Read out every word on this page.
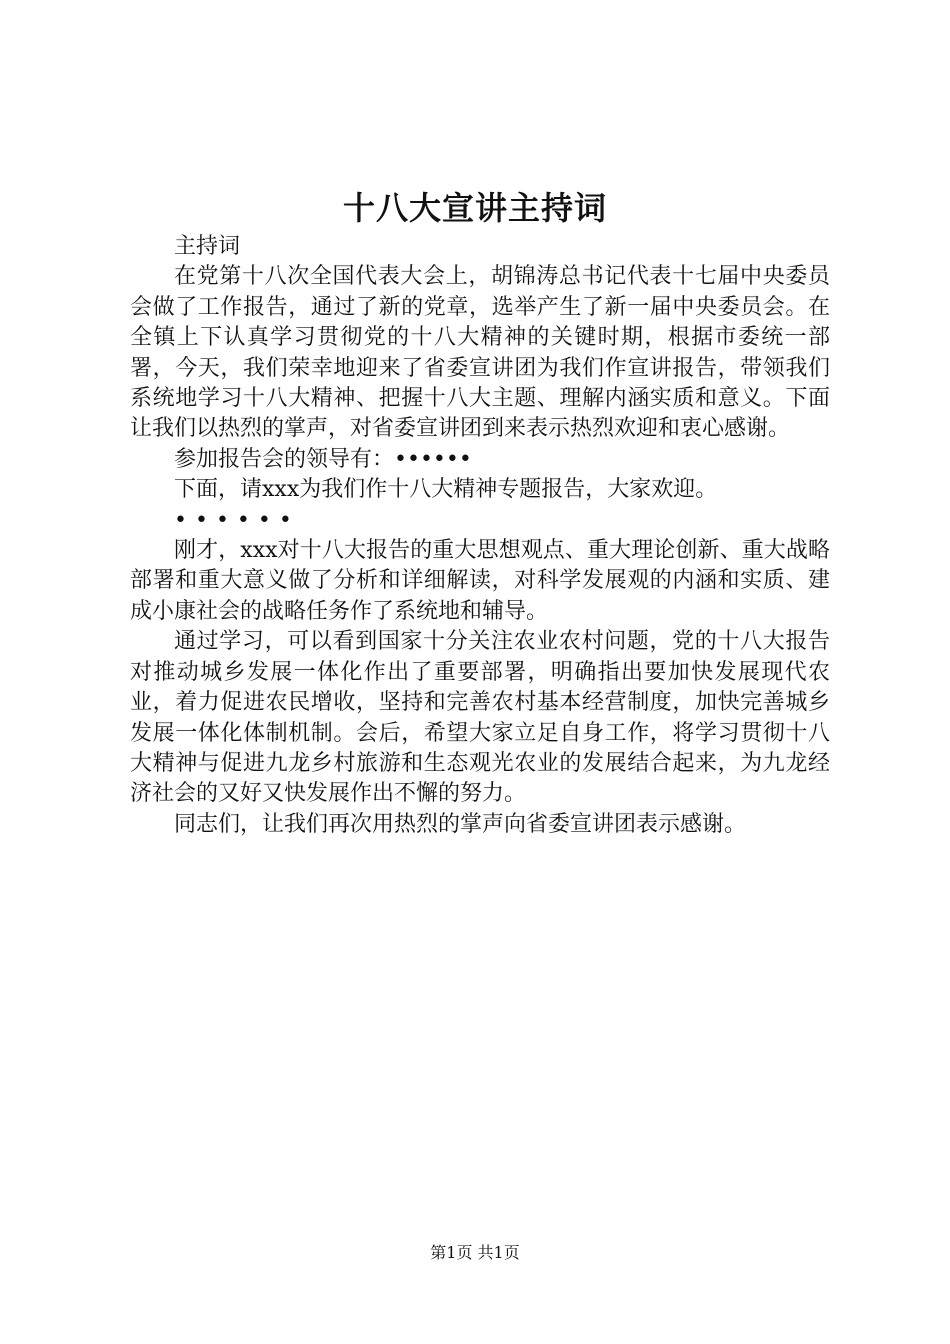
十八大宣讲主持词

主持词

在党第十八次全国代表大会上，胡锦涛总书记代表十七届中央委员会做了工作报告，通过了新的党章，选举产生了新一届中央委员会。在全镇上下认真学习贯彻党的十八大精神的关键时期，根据市委统一部署，今天，我们荣幸地迎来了省委宣讲团为我们作宣讲报告，带领我们系统地学习十八大精神、把握十八大主题、理解内涵实质和意义。下面让我们以热烈的掌声，对省委宣讲团到来表示热烈欢迎和衷心感谢。

参加报告会的领导有：••••••

下面，请xxx为我们作十八大精神专题报告，大家欢迎。

••••••

刚才，xxx对十八大报告的重大思想观点、重大理论创新、重大战略部署和重大意义做了分析和详细解读，对科学发展观的内涵和实质、建成小康社会的战略任务作了系统地和辅导。

通过学习，可以看到国家十分关注农业农村问题，党的十八大报告对推动城乡发展一体化作出了重要部署，明确指出要加快发展现代农业，着力促进农民增收，坚持和完善农村基本经营制度，加快完善城乡发展一体化体制机制。会后，希望大家立足自身工作，将学习贯彻十八大精神与促进九龙乡村旅游和生态观光农业的发展结合起来，为九龙经济社会的又好又快发展作出不懈的努力。

同志们，让我们再次用热烈的掌声向省委宣讲团表示感谢。

第1页 共1页
